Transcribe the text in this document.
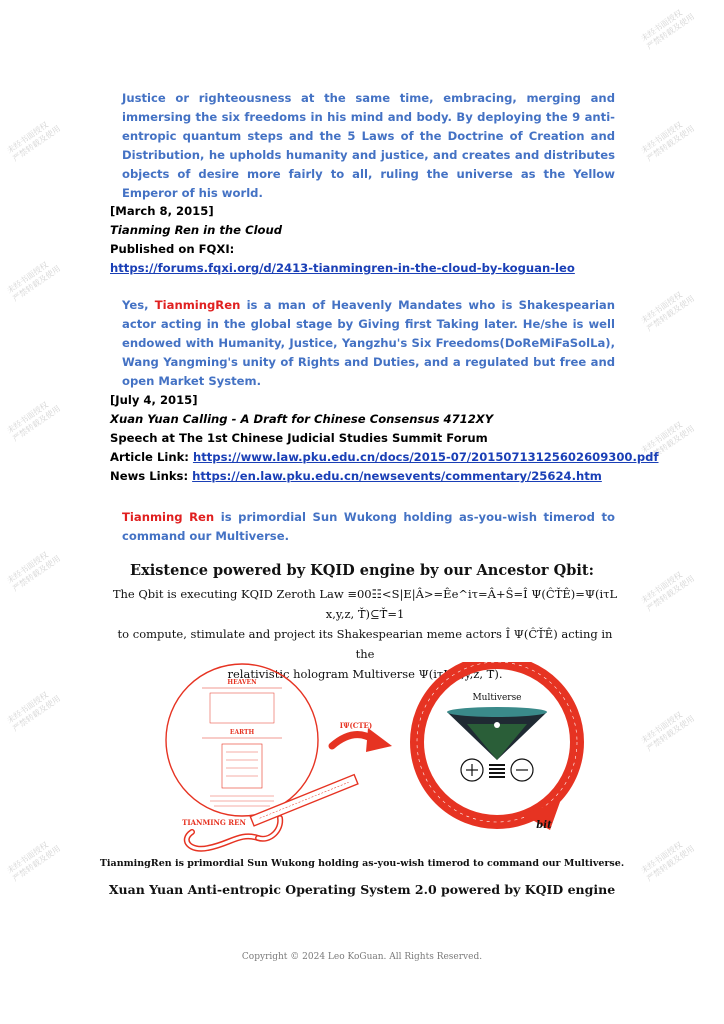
未经书面授权
严禁转载及使用
未经书面授权
严禁转载及使用	未经书面授权
严禁转载及使用
未经书面授权
严禁转载及使用
未经书面授权
严禁转载及使用
未经书面授权
严禁转载及使用	未经书面授权
严禁转载及使用
未经书面授权
严禁转载及使用	未经书面授权
严禁转载及使用
未经书面授权
严禁转载及使用	未经书面授权
严禁转载及使用
未经书面授权
严禁转载及使用	未经书面授权
严禁转载及使用
Justice or righteousness at the same time, embracing, merging and immersing the six freedoms in his mind and body. By deploying the 9 anti-entropic quantum steps and the 5 Laws of the Doctrine of Creation and Distribution, he upholds humanity and justice, and creates and distributes objects of desire more fairly to all, ruling the universe as the Yellow Emperor of his world.
[March 8, 2015]
Tianming Ren in the Cloud
Published on FQXI:
https://forums.fqxi.org/d/2413-tianmingren-in-the-cloud-by-koguan-leo
Yes, TianmingRen is a man of Heavenly Mandates who is Shakespearian actor acting in the global stage by Giving first Taking later. He/she is well endowed with Humanity, Justice, Yangzhu's Six Freedoms(DoReMiFaSolLa), Wang Yangming's unity of Rights and Duties, and a regulated but free and open Market System.
[July 4, 2015]
Xuan Yuan Calling - A Draft for Chinese Consensus 4712XY
Speech at The 1st Chinese Judicial Studies Summit Forum
Article Link: https://www.law.pku.edu.cn/docs/2015-07/20150713125602609300.pdf
News Links: https://en.law.pku.edu.cn/newsevents/commentary/25624.htm
Tianming Ren is primordial Sun Wukong holding as-you-wish timerod to command our Multiverse.
Existence powered by KQID engine by our Ancestor Qbit:
The Qbit is executing KQID Zeroth Law ≡00☷<S|E|Â>=Êe^iτ=Â+Ŝ=Î Ψ(ĈŤÊ)=Ψ(iτL x,y,z, Ť̃)⊆Ť̃=1
to compute, stimulate and project its Shakespearian meme actors Î Ψ(ĈŤÊ) acting in the
relativistic hologram Multiverse Ψ(iτL x,y,z, Ť̃).
HEAVEN
EARTH
TIANMING REN
IΨ(CTE)
Multiverse
bit
TianmingRen is primordial Sun Wukong holding as-you-wish timerod to command our Multiverse.
Xuan Yuan Anti-entropic Operating System 2.0 powered by KQID engine
Copyright © 2024 Leo KoGuan. All Rights Reserved.
